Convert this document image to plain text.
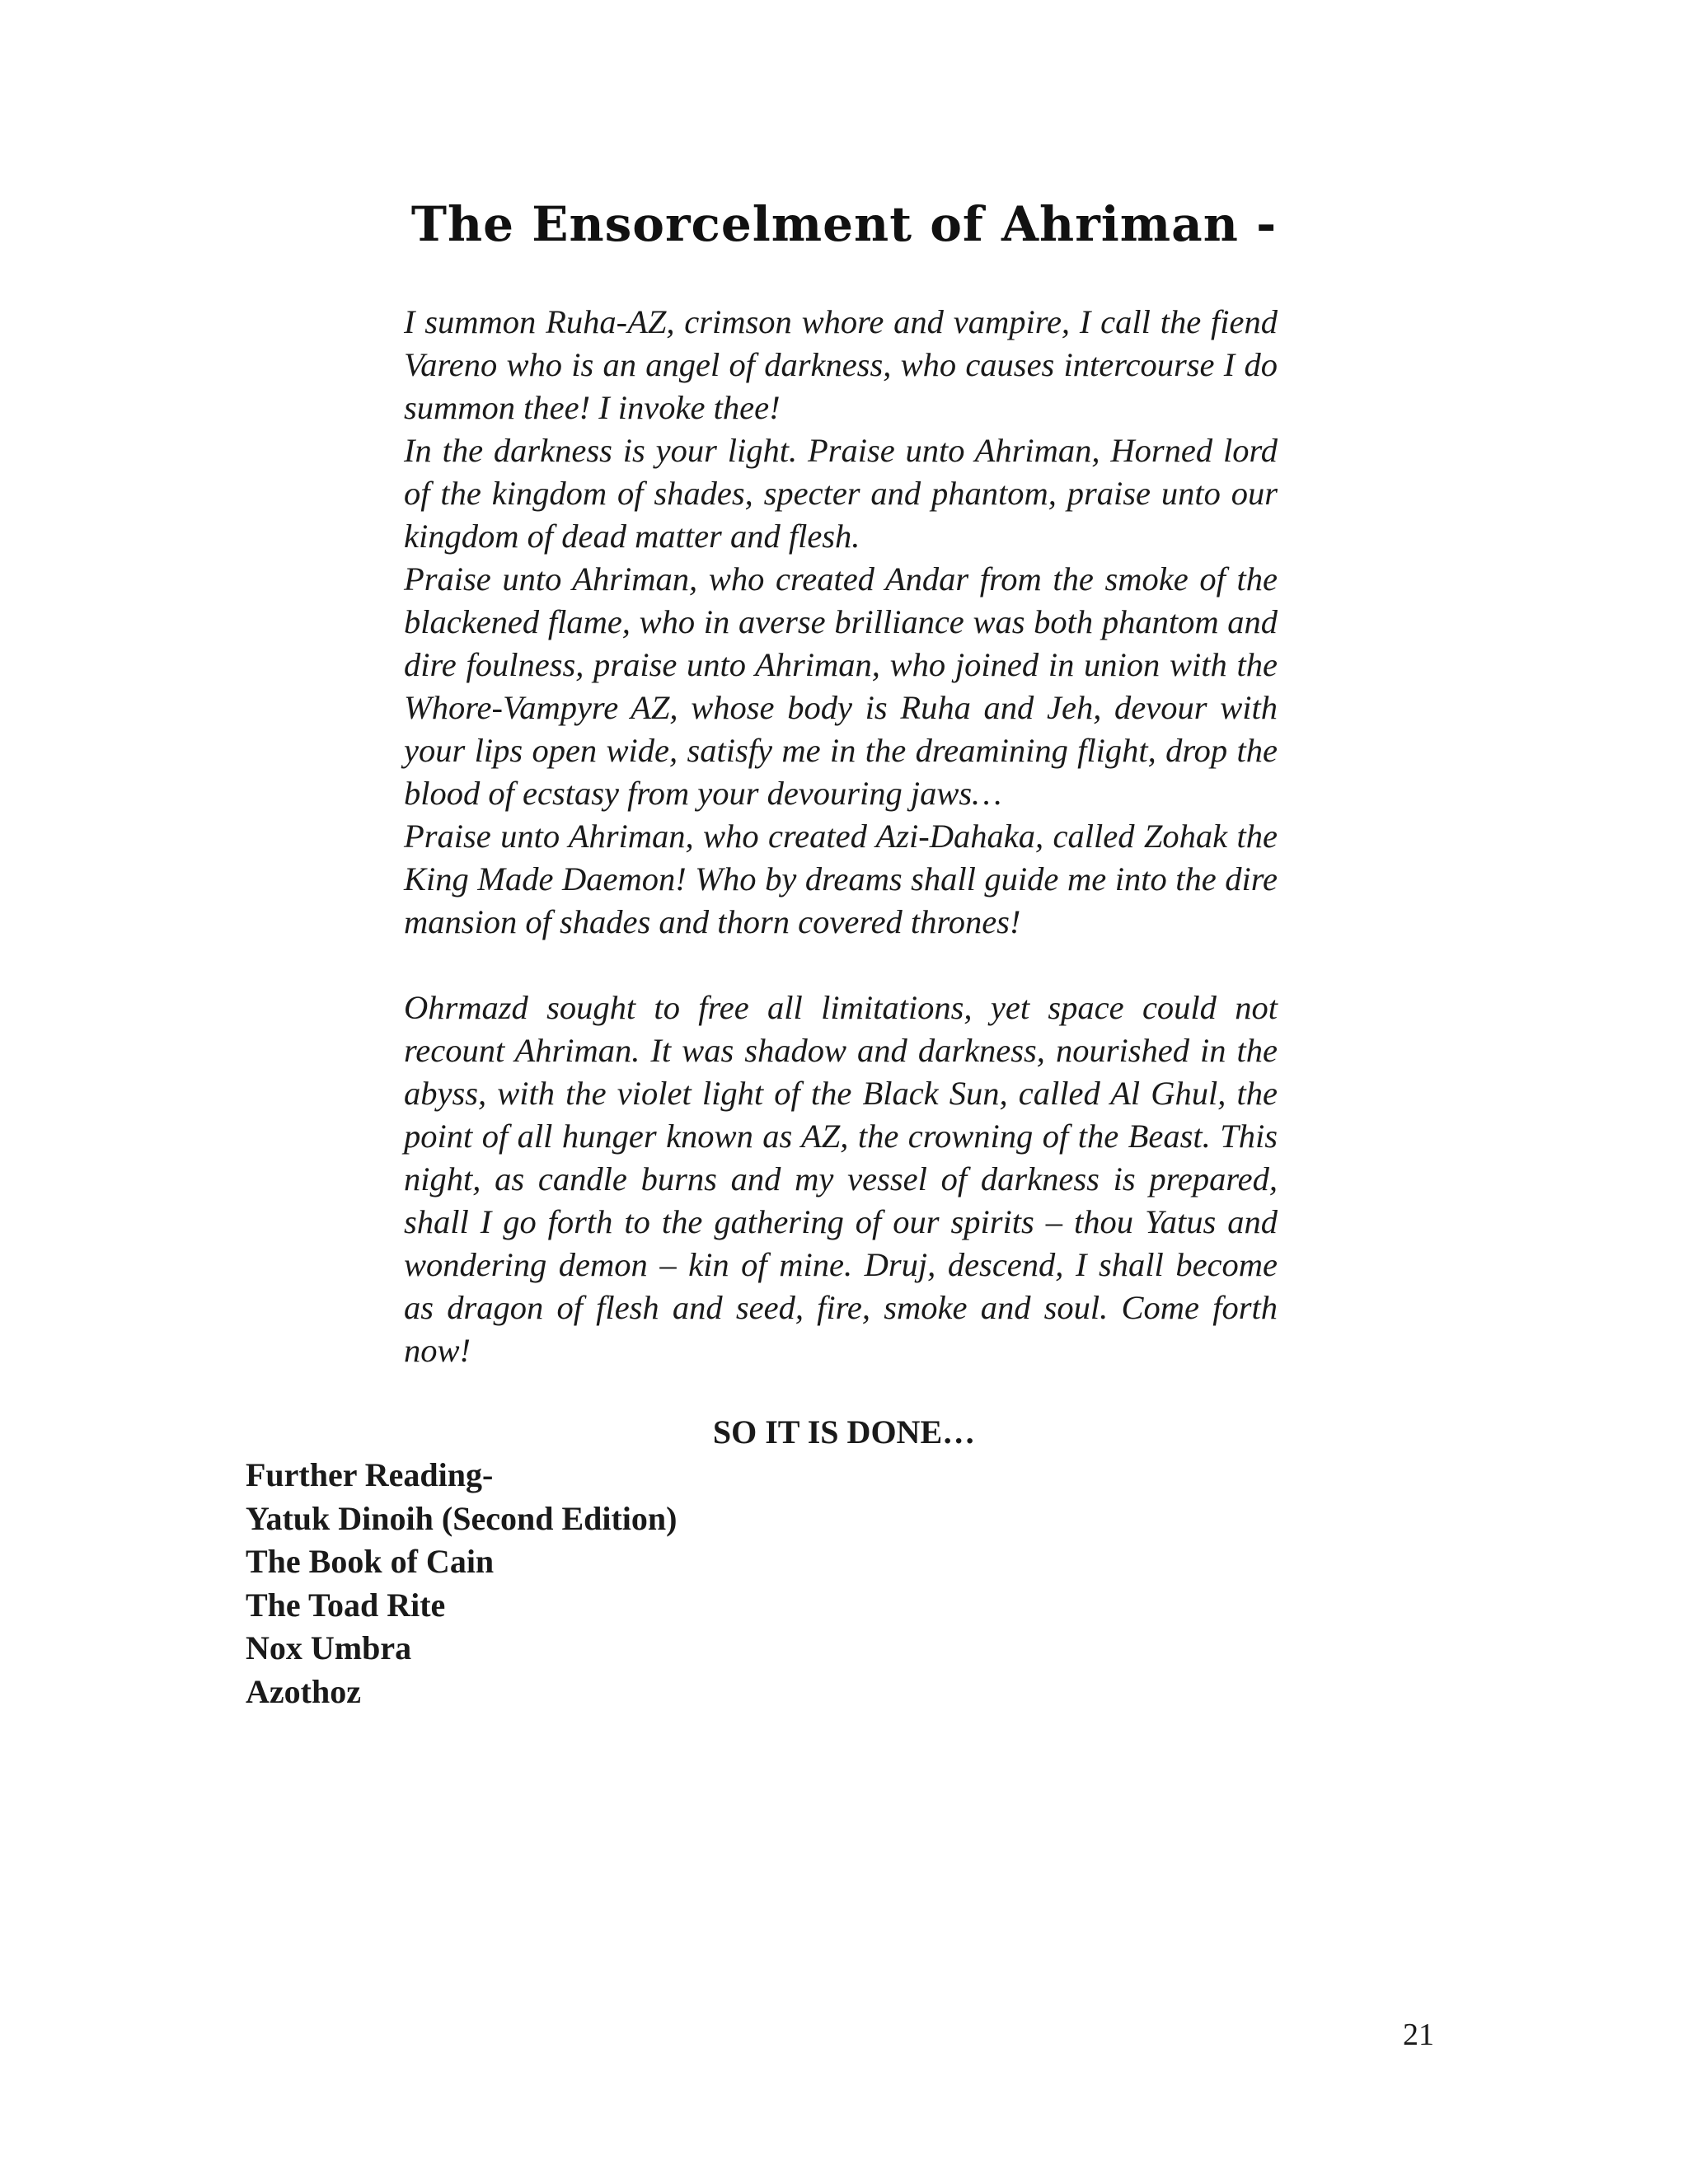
The Ensorcelment of Ahriman -

I summon Ruha-AZ, crimson whore and vampire, I call the fiend Vareno who is an angel of darkness, who causes intercourse I do summon thee! I invoke thee!

In the darkness is your light. Praise unto Ahriman, Horned lord of the kingdom of shades, specter and phantom, praise unto our kingdom of dead matter and flesh.

Praise unto Ahriman, who created Andar from the smoke of the blackened flame, who in averse brilliance was both phantom and dire foulness, praise unto Ahriman, who joined in union with the Whore-Vampyre AZ, whose body is Ruha and Jeh, devour with your lips open wide, satisfy me in the dreamining flight, drop the blood of ecstasy from your devouring jaws…

Praise unto Ahriman, who created Azi-Dahaka, called Zohak the King Made Daemon! Who by dreams shall guide me into the dire mansion of shades and thorn covered thrones!

Ohrmazd sought to free all limitations, yet space could not recount Ahriman. It was shadow and darkness, nourished in the abyss, with the violet light of the Black Sun, called Al Ghul, the point of all hunger known as AZ, the crowning of the Beast. This night, as candle burns and my vessel of darkness is prepared, shall I go forth to the gathering of our spirits – thou Yatus and wondering demon – kin of mine. Druj, descend, I shall become as dragon of flesh and seed, fire, smoke and soul. Come forth now!

SO IT IS DONE…

Further Reading-
Yatuk Dinoih (Second Edition)
The Book of Cain
The Toad Rite
Nox Umbra
Azothoz
21
